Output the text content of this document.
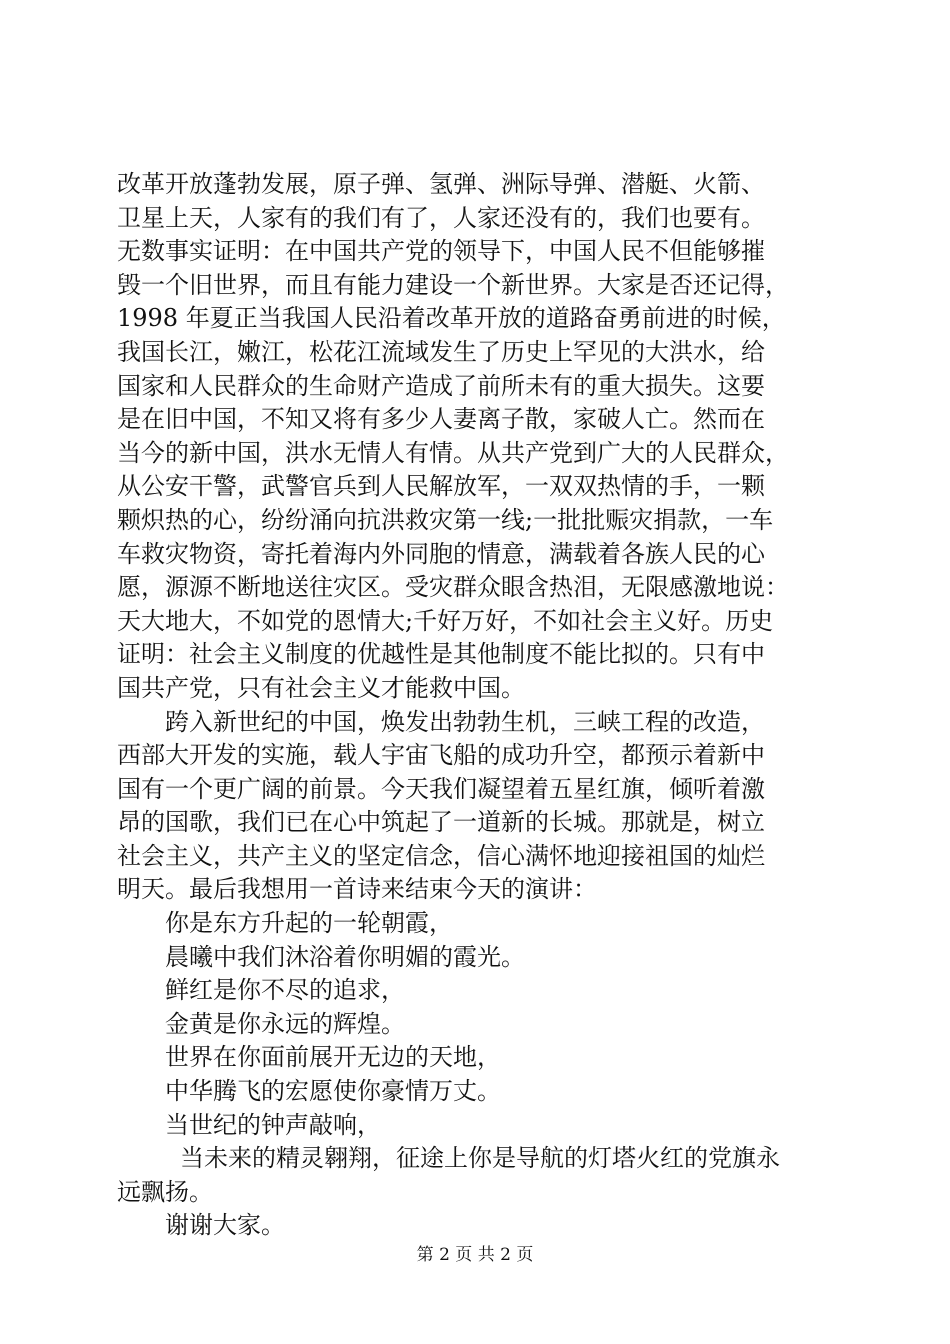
改革开放蓬勃发展，原子弹、氢弹、洲际导弹、潜艇、火箭、
卫星上天，人家有的我们有了，人家还没有的，我们也要有。
无数事实证明：在中国共产党的领导下，中国人民不但能够摧
毁一个旧世界，而且有能力建设一个新世界。大家是否还记得，
1998 年夏正当我国人民沿着改革开放的道路奋勇前进的时候，
我国长江，嫩江，松花江流域发生了历史上罕见的大洪水，给
国家和人民群众的生命财产造成了前所未有的重大损失。这要
是在旧中国，不知又将有多少人妻离子散，家破人亡。然而在
当今的新中国，洪水无情人有情。从共产党到广大的人民群众，
从公安干警，武警官兵到人民解放军，一双双热情的手，一颗
颗炽热的心，纷纷涌向抗洪救灾第一线;一批批赈灾捐款，一车
车救灾物资，寄托着海内外同胞的情意，满载着各族人民的心
愿，源源不断地送往灾区。受灾群众眼含热泪，无限感激地说：
天大地大，不如党的恩情大;千好万好，不如社会主义好。历史
证明：社会主义制度的优越性是其他制度不能比拟的。只有中
国共产党，只有社会主义才能救中国。
跨入新世纪的中国，焕发出勃勃生机，三峡工程的改造，
西部大开发的实施，载人宇宙飞船的成功升空，都预示着新中
国有一个更广阔的前景。今天我们凝望着五星红旗，倾听着激
昂的国歌，我们已在心中筑起了一道新的长城。那就是，树立
社会主义，共产主义的坚定信念，信心满怀地迎接祖国的灿烂
明天。最后我想用一首诗来结束今天的演讲：
你是东方升起的一轮朝霞，
晨曦中我们沐浴着你明媚的霞光。
鲜红是你不尽的追求，
金黄是你永远的辉煌。
世界在你面前展开无边的天地，
中华腾飞的宏愿使你豪情万丈。
当世纪的钟声敲响，
当未来的精灵翱翔，征途上你是导航的灯塔火红的党旗永
远飘扬。
谢谢大家。
第 2 页 共 2 页
